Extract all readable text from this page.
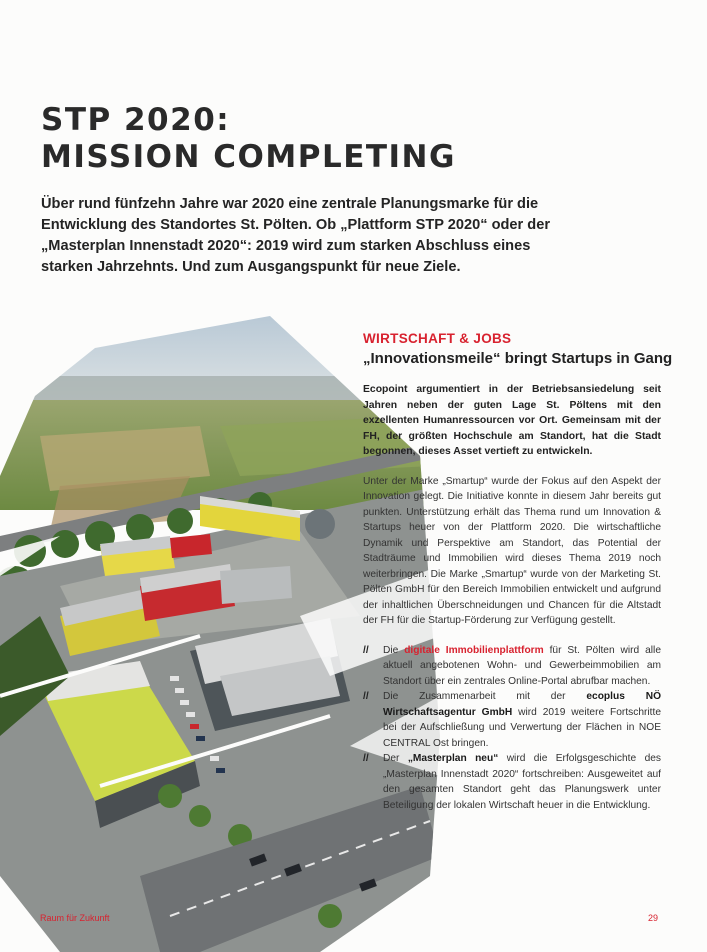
STP 2020:
MISSION COMPLETING

Über rund fünfzehn Jahre war 2020 eine zentrale Planungsmarke für die Entwicklung des Standortes St. Pölten. Ob „Plattform STP 2020“ oder der „Masterplan Innenstadt 2020“: 2019 wird zum starken Abschluss eines starken Jahrzehnts. Und zum Ausgangspunkt für neue Ziele.

WIRTSCHAFT & JOBS
„Innovationsmeile“ bringt Startups in Gang
Ecopoint argumentiert in der Betriebsansiedelung seit Jahren neben der guten Lage St. Pöltens mit den exzellenten Humanressourcen vor Ort. Gemeinsam mit der FH, der größten Hochschule am Standort, hat die Stadt begonnen, dieses Asset vertieft zu entwickeln.
Unter der Marke „Smartup“ wurde der Fokus auf den Aspekt der Innovation gelegt. Die Initiative konnte in diesem Jahr bereits gut punkten. Unterstützung erhält das Thema rund um Innovation & Startups heuer von der Plattform 2020. Die wirtschaftliche Dynamik und Perspektive am Standort, das Potential der Stadträume und Immobilien wird dieses Thema 2019 noch weiterbringen. Die Marke „Smartup“ wurde von der Marketing St. Pölten GmbH für den Bereich Immobilien entwickelt und aufgrund der inhaltlichen Überschneidungen und Chancen für die Altstadt der FH für die Startup-Förderung zur Verfügung gestellt.
// Die digitale Immobilienplattform für St. Pölten wird alle aktuell angebotenen Wohn- und Gewerbeimmobilien am Standort über ein zentrales Online-Portal abrufbar machen.
// Die Zusammenarbeit mit der ecoplus NÖ Wirtschaftsagentur GmbH wird 2019 weitere Fortschritte bei der Aufschließung und Verwertung der Flächen in NOE CENTRAL Ost bringen.
// Der „Masterplan neu“ wird die Erfolgsgeschichte des „Masterplan Innenstadt 2020“ fortschreiben: Ausgeweitet auf den gesamten Standort geht das Planungswerk unter Beteiligung der lokalen Wirtschaft heuer in die Entwicklung.
Raum für Zukunft	29
